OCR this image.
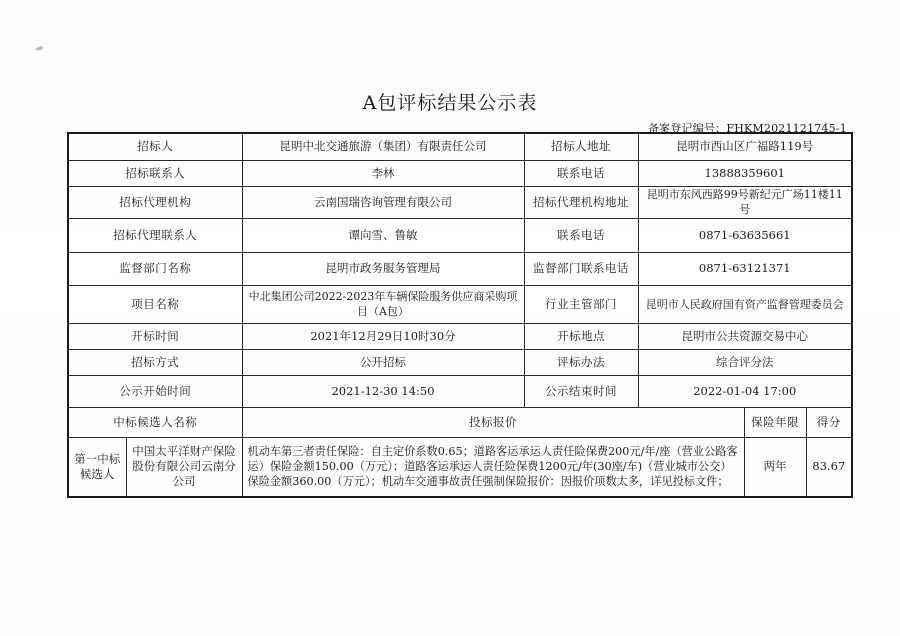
A包评标结果公示表
备案登记编号：FHKM2021121745-1
招标人		昆明中北交通旅游（集团）有限责任公司	招标人地址	昆明市西山区广福路119号		
招标联系人		李林	联系电话	13888359601		
招标代理机构		云南国瑞咨询管理有限公司	招标代理机构地址	昆明市东风西路99号新纪元广场11楼11号		
招标代理联系人		谭向雪、鲁敏	联系电话	0871-63635661		
监督部门名称		昆明市政务服务管理局	监督部门联系电话	0871-63121371		
项目名称		中北集团公司2022-2023年车辆保险服务供应商采购项目（A包）	行业主管部门	昆明市人民政府国有资产监督管理委员会		
开标时间		2021年12月29日10时30分	开标地点	昆明市公共资源交易中心		
招标方式		公开招标	评标办法	综合评分法		
公示开始时间		2021-12-30 14:50	公示结束时间	2022-01-04 17:00		
中标候选人名称		投标报价			保险年限	得分
第一中标候选人	中国太平洋财产保险股份有限公司云南分公司	机动车第三者责任保险：自主定价系数0.65；道路客运承运人责任险保费200元/年/座（营业公路客运）保险金额150.00（万元）；道路客运承运人责任险保费1200元/年(30座/车)（营业城市公交）保险金额360.00（万元）；机动车交通事故责任强制保险报价：因报价项数太多，详见投标文件；			两年	83.67
